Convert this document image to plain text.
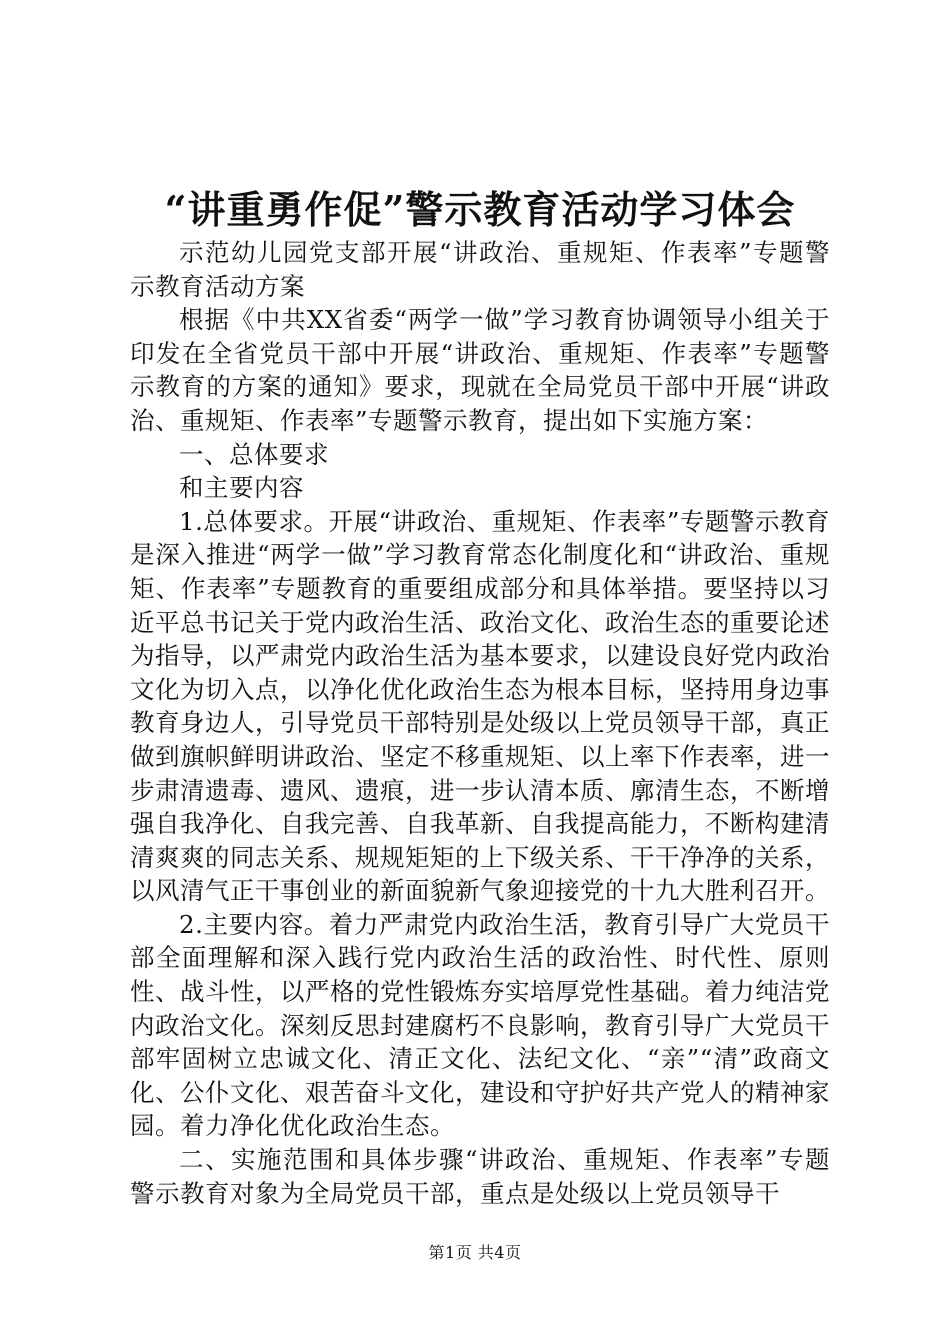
“讲重勇作促”警示教育活动学习体会

示范幼儿园党支部开展“讲政治、重规矩、作表率”专题警示教育活动方案

根据《中共XX省委“两学一做”学习教育协调领导小组关于印发在全省党员干部中开展“讲政治、重规矩、作表率”专题警示教育的方案的通知》要求，现就在全局党员干部中开展“讲政治、重规矩、作表率”专题警示教育，提出如下实施方案：

一、总体要求

和主要内容

1.总体要求。开展“讲政治、重规矩、作表率”专题警示教育是深入推进“两学一做”学习教育常态化制度化和“讲政治、重规矩、作表率”专题教育的重要组成部分和具体举措。要坚持以习近平总书记关于党内政治生活、政治文化、政治生态的重要论述为指导，以严肃党内政治生活为基本要求，以建设良好党内政治文化为切入点，以净化优化政治生态为根本目标，坚持用身边事教育身边人，引导党员干部特别是处级以上党员领导干部，真正做到旗帜鲜明讲政治、坚定不移重规矩、以上率下作表率，进一步肃清遗毒、遗风、遗痕，进一步认清本质、廓清生态，不断增强自我净化、自我完善、自我革新、自我提高能力，不断构建清清爽爽的同志关系、规规矩矩的上下级关系、干干净净的关系，以风清气正干事创业的新面貌新气象迎接党的十九大胜利召开。

2.主要内容。着力严肃党内政治生活，教育引导广大党员干部全面理解和深入践行党内政治生活的政治性、时代性、原则性、战斗性，以严格的党性锻炼夯实培厚党性基础。着力纯洁党内政治文化。深刻反思封建腐朽不良影响，教育引导广大党员干部牢固树立忠诚文化、清正文化、法纪文化、“亲”“清”政商文化、公仆文化、艰苦奋斗文化，建设和守护好共产党人的精神家园。着力净化优化政治生态。

二、实施范围和具体步骤“讲政治、重规矩、作表率”专题警示教育对象为全局党员干部，重点是处级以上党员领导干

第1页 共4页
